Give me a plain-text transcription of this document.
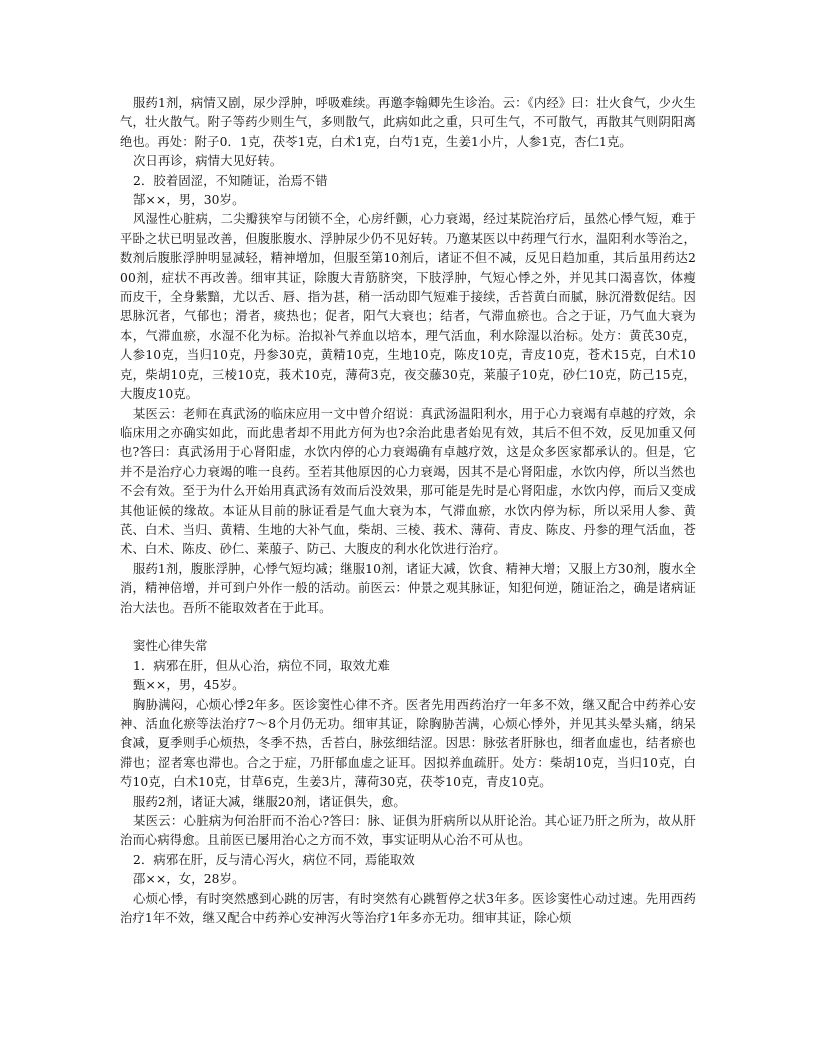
服药1剂，病情又剧，尿少浮肿，呼吸难续。再邀李翰卿先生诊治。云：《内经》曰：壮火食气，少火生气，壮火散气。附子等药少则生气，多则散气，此病如此之重，只可生气，不可散气，再散其气则阴阳离绝也。再处：附子0．1克，茯苓1克，白术1克，白芍1克，生姜1小片，人参1克，杏仁1克。

次日再诊，病情大见好转。

2．胶着固涩，不知随证，治焉不错

郜××，男，30岁。

风湿性心脏病，二尖瓣狭窄与闭锁不全，心房纤颤，心力衰竭，经过某院治疗后，虽然心悸气短，难于平卧之状已明显改善，但腹胀腹水、浮肿尿少仍不见好转。乃邀某医以中药理气行水，温阳利水等治之，数剂后腹胀浮肿明显减轻，精神增加，但服至第10剂后，诸证不但不减，反见日趋加重，其后虽用药达200剂，症状不再改善。细审其证，除腹大青筋脐突，下肢浮肿，气短心悸之外，并见其口渴喜饮，体瘦而皮干，全身紫黯，尤以舌、唇、指为甚，稍一活动即气短难于接续，舌苔黄白而腻，脉沉滑数促结。因思脉沉者，气郁也；滑者，痰热也；促者，阳气大衰也；结者，气滞血瘀也。合之于证，乃气血大衰为本，气滞血瘀，水湿不化为标。治拟补气养血以培本，理气活血，利水除湿以治标。处方：黄芪30克，人参10克，当归10克，丹参30克，黄精10克，生地10克，陈皮10克，青皮10克，苍术15克，白术10克，柴胡10克，三棱10克，莪术10克，薄荷3克，夜交藤30克，莱菔子10克，砂仁10克，防己15克，大腹皮10克。

某医云：老师在真武汤的临床应用一文中曾介绍说：真武汤温阳利水，用于心力衰竭有卓越的疗效，余临床用之亦确实如此，而此患者却不用此方何为也?余治此患者始见有效，其后不但不效，反见加重又何也?答曰：真武汤用于心肾阳虚，水饮内停的心力衰竭确有卓越疗效，这是众多医家都承认的。但是，它并不是治疗心力衰竭的唯一良药。至若其他原因的心力衰竭，因其不是心肾阳虚，水饮内停，所以当然也不会有效。至于为什么开始用真武汤有效而后没效果，那可能是先时是心肾阳虚，水饮内停，而后又变成其他证候的缘故。本证从目前的脉证看是气血大衰为本，气滞血瘀，水饮内停为标，所以采用人参、黄芪、白术、当归、黄精、生地的大补气血，柴胡、三棱、莪术、薄荷、青皮、陈皮、丹参的理气活血，苍术、白术、陈皮、砂仁、莱菔子、防己、大腹皮的利水化饮进行治疗。

服药1剂，腹胀浮肿，心悸气短均减；继服10剂，诸证大减，饮食、精神大增；又服上方30剂，腹水全消，精神倍增，并可到户外作一般的活动。前医云：仲景之观其脉证，知犯何逆，随证治之，确是诸病证治大法也。吾所不能取效者在于此耳。

窦性心律失常

1．病邪在肝，但从心治，病位不同，取效尤难

甄××，男，45岁。

胸胁满闷，心烦心悸2年多。医诊窦性心律不齐。医者先用西药治疗一年多不效，继又配合中药养心安神、活血化瘀等法治疗7～8个月仍无功。细审其证，除胸胁苦满，心烦心悸外，并见其头晕头痛，纳呆食减，夏季则手心烦热，冬季不热，舌苔白，脉弦细结涩。因思：脉弦者肝脉也，细者血虚也，结者瘀也滞也；涩者寒也滞也。合之于症，乃肝郁血虚之证耳。因拟养血疏肝。处方：柴胡10克，当归10克，白芍10克，白术10克，甘草6克，生姜3片，薄荷30克，茯苓10克，青皮10克。

服药2剂，诸证大减，继服20剂，诸证俱失，愈。

某医云：心脏病为何治肝而不治心?答曰：脉、证俱为肝病所以从肝论治。其心证乃肝之所为，故从肝治而心病得愈。且前医已屡用治心之方而不效，事实证明从心治不可从也。

2．病邪在肝，反与清心泻火，病位不同，焉能取效

邵××，女，28岁。

心烦心悸，有时突然感到心跳的厉害，有时突然有心跳暂停之状3年多。医诊窦性心动过速。先用西药治疗1年不效，继又配合中药养心安神泻火等治疗1年多亦无功。细审其证，除心烦
